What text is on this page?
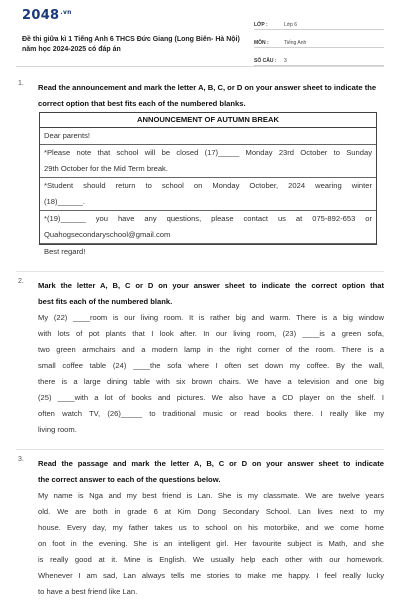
$2048^{.vn}$
Đề thi giữa kì 1 Tiếng Anh 6 THCS Đức Giang (Long Biên- Hà Nội) năm học 2024-2025 có đáp án
LỚP :	Lớp 6
MÔN :	Tiếng Anh
SỐ CÂU :	3
1. Read the announcement and mark the letter A, B, C, or D on your answer sheet to indicate the correct option that best fits each of the numbered blanks.
ANNOUNCEMENT OF AUTUMN BREAK
Dear parents!
*Please note that school will be closed (17)_____ Monday 23rd October to Sunday
29th October for the Mid Term break.
*Student should return to school on Monday October, 2024 wearing winter
(18)______.
*(19)______ you have any questions, please contact us at 075-892-653 or
Quahogsecondaryschool@gmail.com
Best regard!
2. Mark the letter A, B, C or D on your answer sheet to indicate the correct option that
best fits each of the numbered blank.
My (22) ____room is our living room. It is rather big and warm. There is a big window
with lots of pot plants that I look after. In our living room, (23) ____is a green sofa,
two green armchairs and a modern lamp in the right corner of the room. There is a
small coffee table (24) ____the sofa where I often set down my coffee. By the wall,
there is a large dining table with six brown chairs. We have a television and one big
(25) ____with a lot of books and pictures. We also have a CD player on the shelf. I
often watch TV, (26)_____ to traditional music or read books there. I really like my
living room.
3. Read the passage and mark the letter A, B, C or D on your answer sheet to indicate
the correct answer to each of the questions below.
My name is Nga and my best friend is Lan. She is my classmate. We are twelve years
old. We are both in grade 6 at Kim Dong Secondary School. Lan lives next to my
house. Every day, my father takes us to school on his motorbike, and we come home
on foot in the evening. She is an intelligent girl. Her favourite subject is Math, and she
is really good at it. Mine is English. We usually help each other with our homework.
Whenever I am sad, Lan always tells me stories to make me happy. I feel really lucky
to have a best friend like Lan.
